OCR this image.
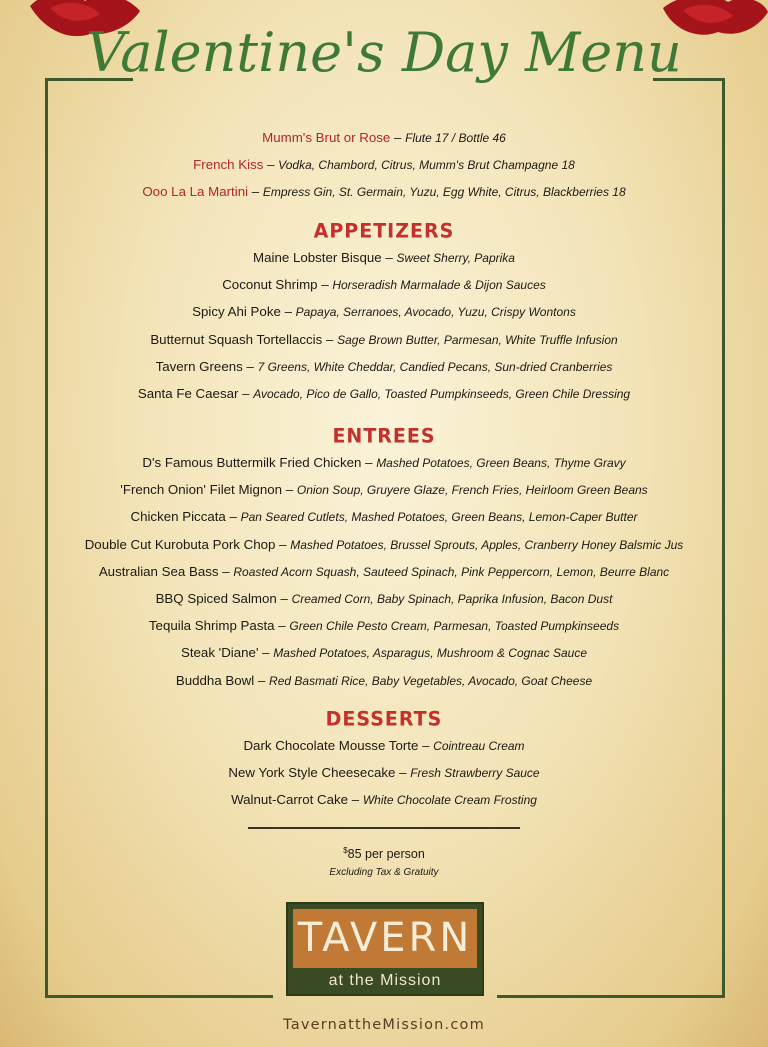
Valentine's Day Menu
Mumm's Brut or Rose – Flute 17 / Bottle 46
French Kiss – Vodka, Chambord, Citrus, Mumm's Brut Champagne 18
Ooo La La Martini – Empress Gin, St. Germain, Yuzu, Egg White, Citrus, Blackberries 18
APPETIZERS
Maine Lobster Bisque – Sweet Sherry, Paprika
Coconut Shrimp – Horseradish Marmalade & Dijon Sauces
Spicy Ahi Poke – Papaya, Serranoes, Avocado, Yuzu, Crispy Wontons
Butternut Squash Tortellaccis – Sage Brown Butter, Parmesan, White Truffle Infusion
Tavern Greens – 7 Greens, White Cheddar, Candied Pecans, Sun-dried Cranberries
Santa Fe Caesar – Avocado, Pico de Gallo, Toasted Pumpkinseeds, Green Chile Dressing
ENTREES
D's Famous Buttermilk Fried Chicken – Mashed Potatoes, Green Beans, Thyme Gravy
'French Onion' Filet Mignon – Onion Soup, Gruyere Glaze, French Fries, Heirloom Green Beans
Chicken Piccata – Pan Seared Cutlets, Mashed Potatoes, Green Beans, Lemon-Caper Butter
Double Cut Kurobuta Pork Chop – Mashed Potatoes, Brussel Sprouts, Apples, Cranberry Honey Balsmic Jus
Australian Sea Bass – Roasted Acorn Squash, Sauteed Spinach, Pink Peppercorn, Lemon, Beurre Blanc
BBQ Spiced Salmon – Creamed Corn, Baby Spinach, Paprika Infusion, Bacon Dust
Tequila Shrimp Pasta – Green Chile Pesto Cream, Parmesan, Toasted Pumpkinseeds
Steak 'Diane' – Mashed Potatoes, Asparagus, Mushroom & Cognac Sauce
Buddha Bowl – Red Basmati Rice, Baby Vegetables, Avocado, Goat Cheese
DESSERTS
Dark Chocolate Mousse Torte – Cointreau Cream
New York Style Cheesecake – Fresh Strawberry Sauce
Walnut-Carrot Cake – White Chocolate Cream Frosting
$85 per person
Excluding Tax & Gratuity
TAVERN
at the Mission
TavernattheMission.com
